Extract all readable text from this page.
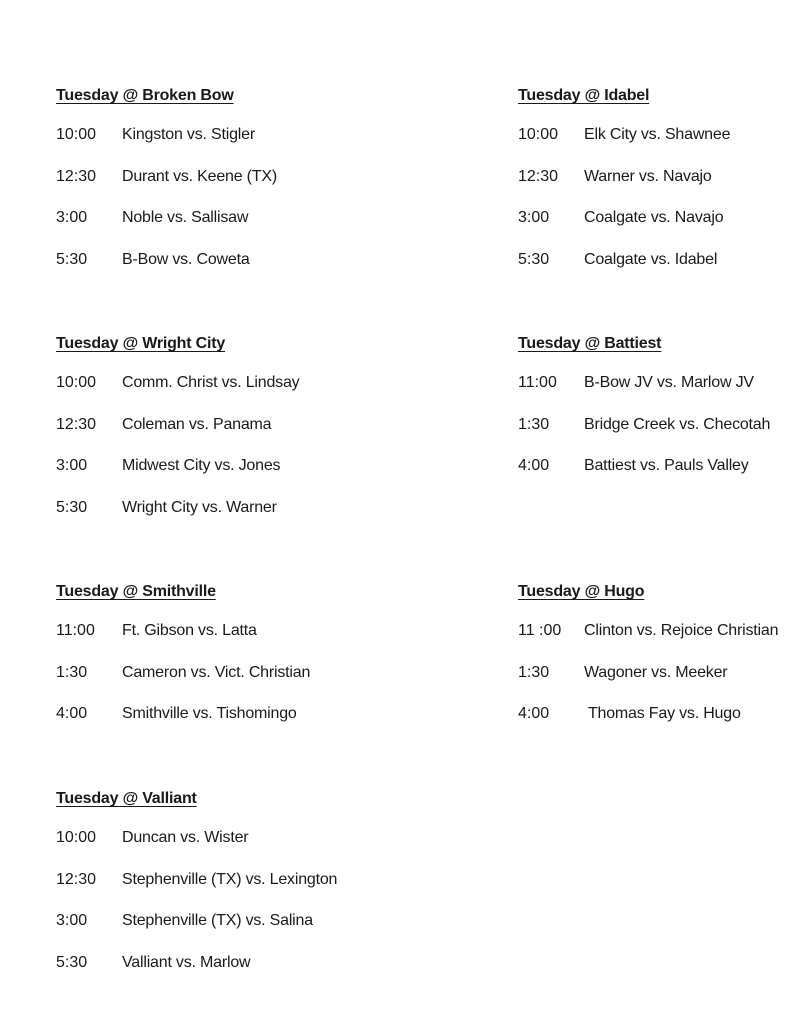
Tuesday @ Broken Bow
10:00	Kingston vs. Stigler
12:30	Durant vs. Keene (TX)
3:00	Noble vs. Sallisaw
5:30	B-Bow vs. Coweta
Tuesday @ Idabel
10:00	Elk City vs. Shawnee
12:30	Warner vs. Navajo
3:00	Coalgate vs. Navajo
5:30	Coalgate vs. Idabel
Tuesday @ Wright City
10:00	Comm. Christ vs. Lindsay
12:30	Coleman vs. Panama
3:00	Midwest City vs. Jones
5:30	Wright City vs. Warner
Tuesday @ Battiest
11:00	B-Bow JV vs. Marlow JV
1:30	Bridge Creek vs. Checotah
4:00	Battiest vs. Pauls Valley
Tuesday @ Smithville
11:00	Ft. Gibson vs. Latta
1:30	Cameron vs. Vict. Christian
4:00	Smithville vs. Tishomingo
Tuesday @ Hugo
11 :00	Clinton vs. Rejoice Christian
1:30	Wagoner vs. Meeker
4:00	Thomas Fay vs. Hugo
Tuesday @ Valliant
10:00	Duncan vs. Wister
12:30	Stephenville (TX) vs. Lexington
3:00	Stephenville (TX) vs. Salina
5:30	Valliant vs. Marlow
